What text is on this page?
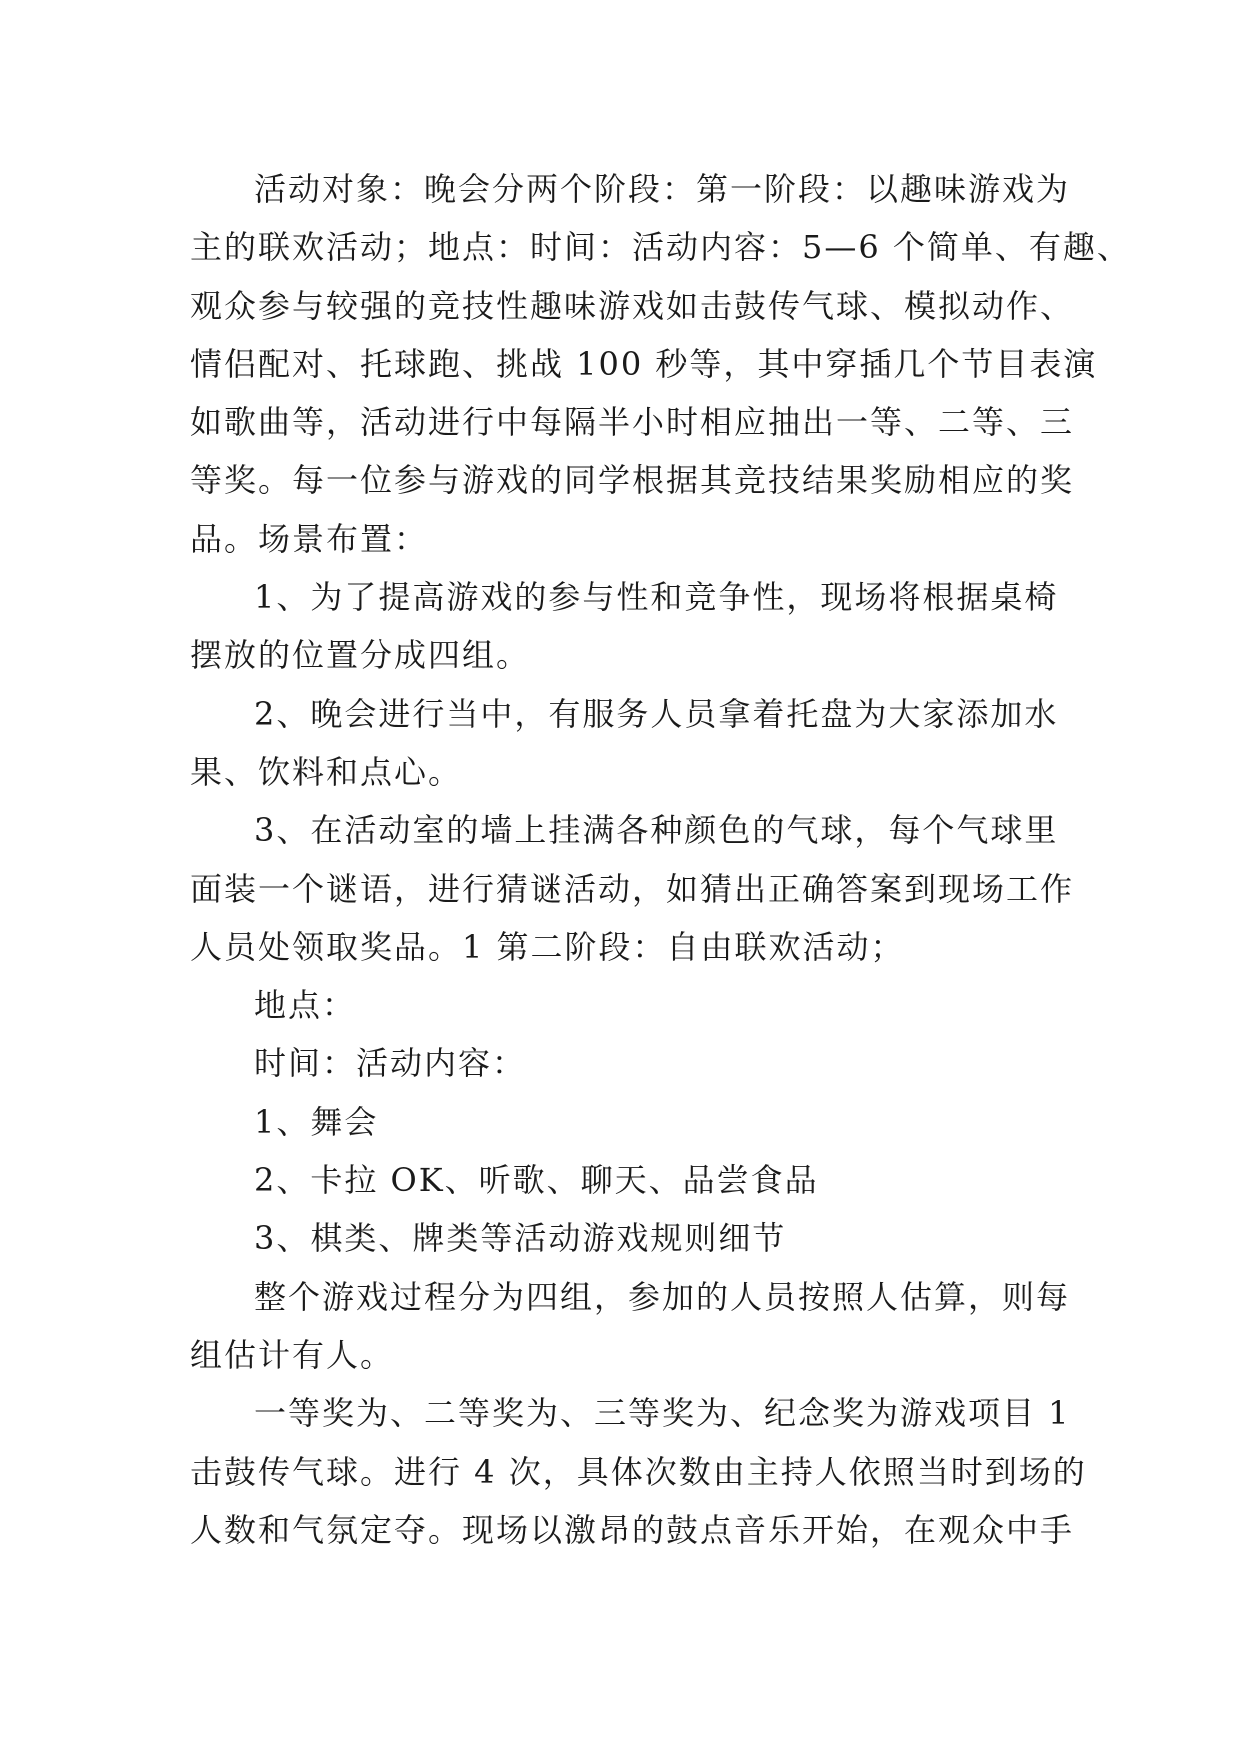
活动对象：晚会分两个阶段：第一阶段：以趣味游戏为
主的联欢活动；地点：时间：活动内容：5—6 个简单、有趣、
观众参与较强的竞技性趣味游戏如击鼓传气球、模拟动作、
情侣配对、托球跑、挑战 100 秒等，其中穿插几个节目表演
如歌曲等，活动进行中每隔半小时相应抽出一等、二等、三
等奖。每一位参与游戏的同学根据其竞技结果奖励相应的奖
品。场景布置：
1、为了提高游戏的参与性和竞争性，现场将根据桌椅
摆放的位置分成四组。
2、晚会进行当中，有服务人员拿着托盘为大家添加水
果、饮料和点心。
3、在活动室的墙上挂满各种颜色的气球，每个气球里
面装一个谜语，进行猜谜活动，如猜出正确答案到现场工作
人员处领取奖品。1 第二阶段：自由联欢活动；
地点：
时间：活动内容：
1、舞会
2、卡拉 OK、听歌、聊天、品尝食品
3、棋类、牌类等活动游戏规则细节
整个游戏过程分为四组，参加的人员按照人估算，则每
组估计有人。
一等奖为、二等奖为、三等奖为、纪念奖为游戏项目 1
击鼓传气球。进行 4 次，具体次数由主持人依照当时到场的
人数和气氛定夺。现场以激昂的鼓点音乐开始，在观众中手
